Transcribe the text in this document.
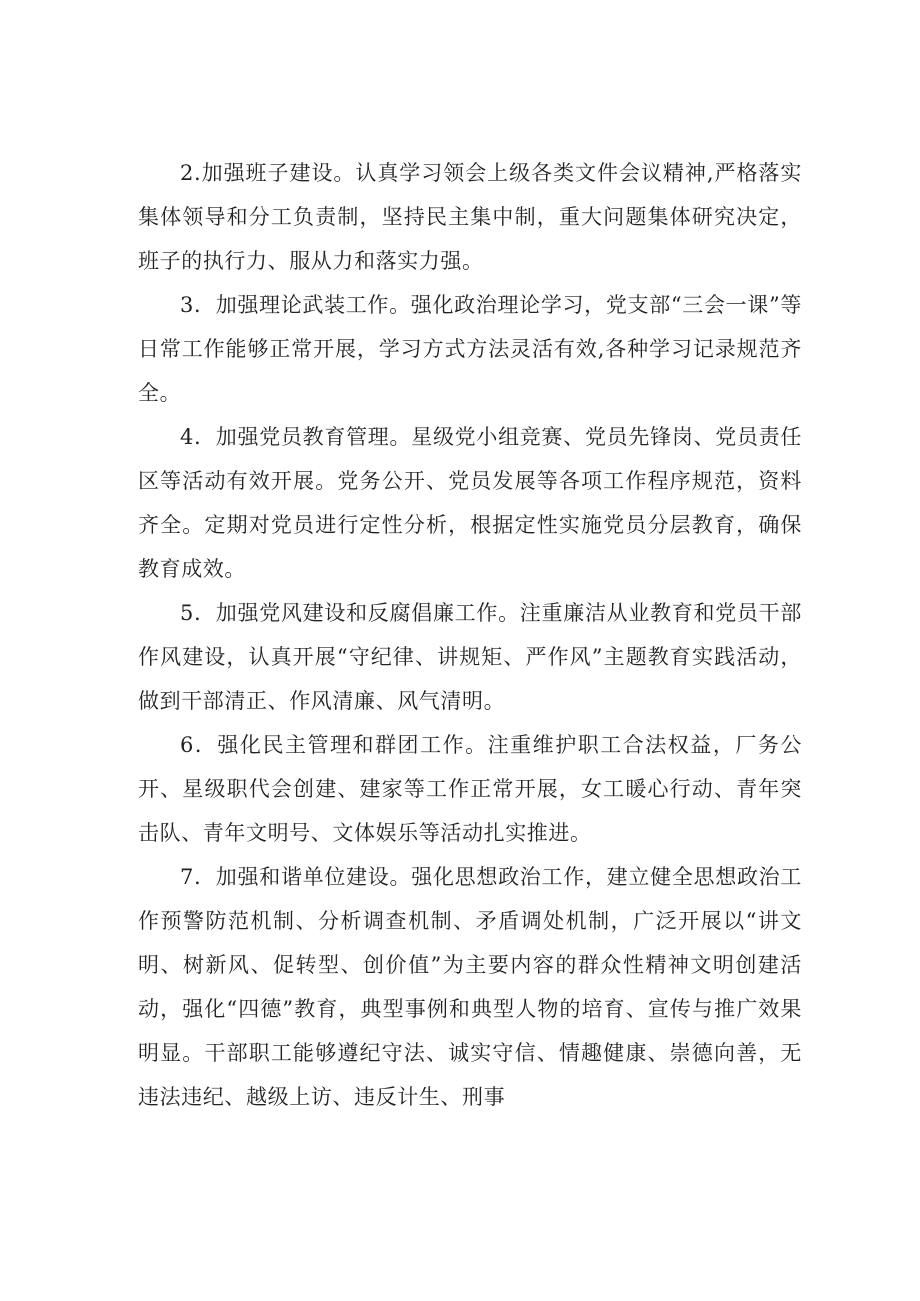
2.加强班子建设。认真学习领会上级各类文件会议精神,严格落实集体领导和分工负责制，坚持民主集中制，重大问题集体研究决定，班子的执行力、服从力和落实力强。

3．加强理论武装工作。强化政治理论学习，党支部“三会一课”等日常工作能够正常开展，学习方式方法灵活有效,各种学习记录规范齐全。

4．加强党员教育管理。星级党小组竞赛、党员先锋岗、党员责任区等活动有效开展。党务公开、党员发展等各项工作程序规范，资料齐全。定期对党员进行定性分析，根据定性实施党员分层教育，确保教育成效。

5．加强党风建设和反腐倡廉工作。注重廉洁从业教育和党员干部作风建设，认真开展“守纪律、讲规矩、严作风”主题教育实践活动，做到干部清正、作风清廉、风气清明。

6．强化民主管理和群团工作。注重维护职工合法权益，厂务公开、星级职代会创建、建家等工作正常开展，女工暖心行动、青年突击队、青年文明号、文体娱乐等活动扎实推进。

7．加强和谐单位建设。强化思想政治工作，建立健全思想政治工作预警防范机制、分析调查机制、矛盾调处机制，广泛开展以“讲文明、树新风、促转型、创价值”为主要内容的群众性精神文明创建活动，强化“四德”教育，典型事例和典型人物的培育、宣传与推广效果明显。干部职工能够遵纪守法、诚实守信、情趣健康、崇德向善，无违法违纪、越级上访、违反计生、刑事
